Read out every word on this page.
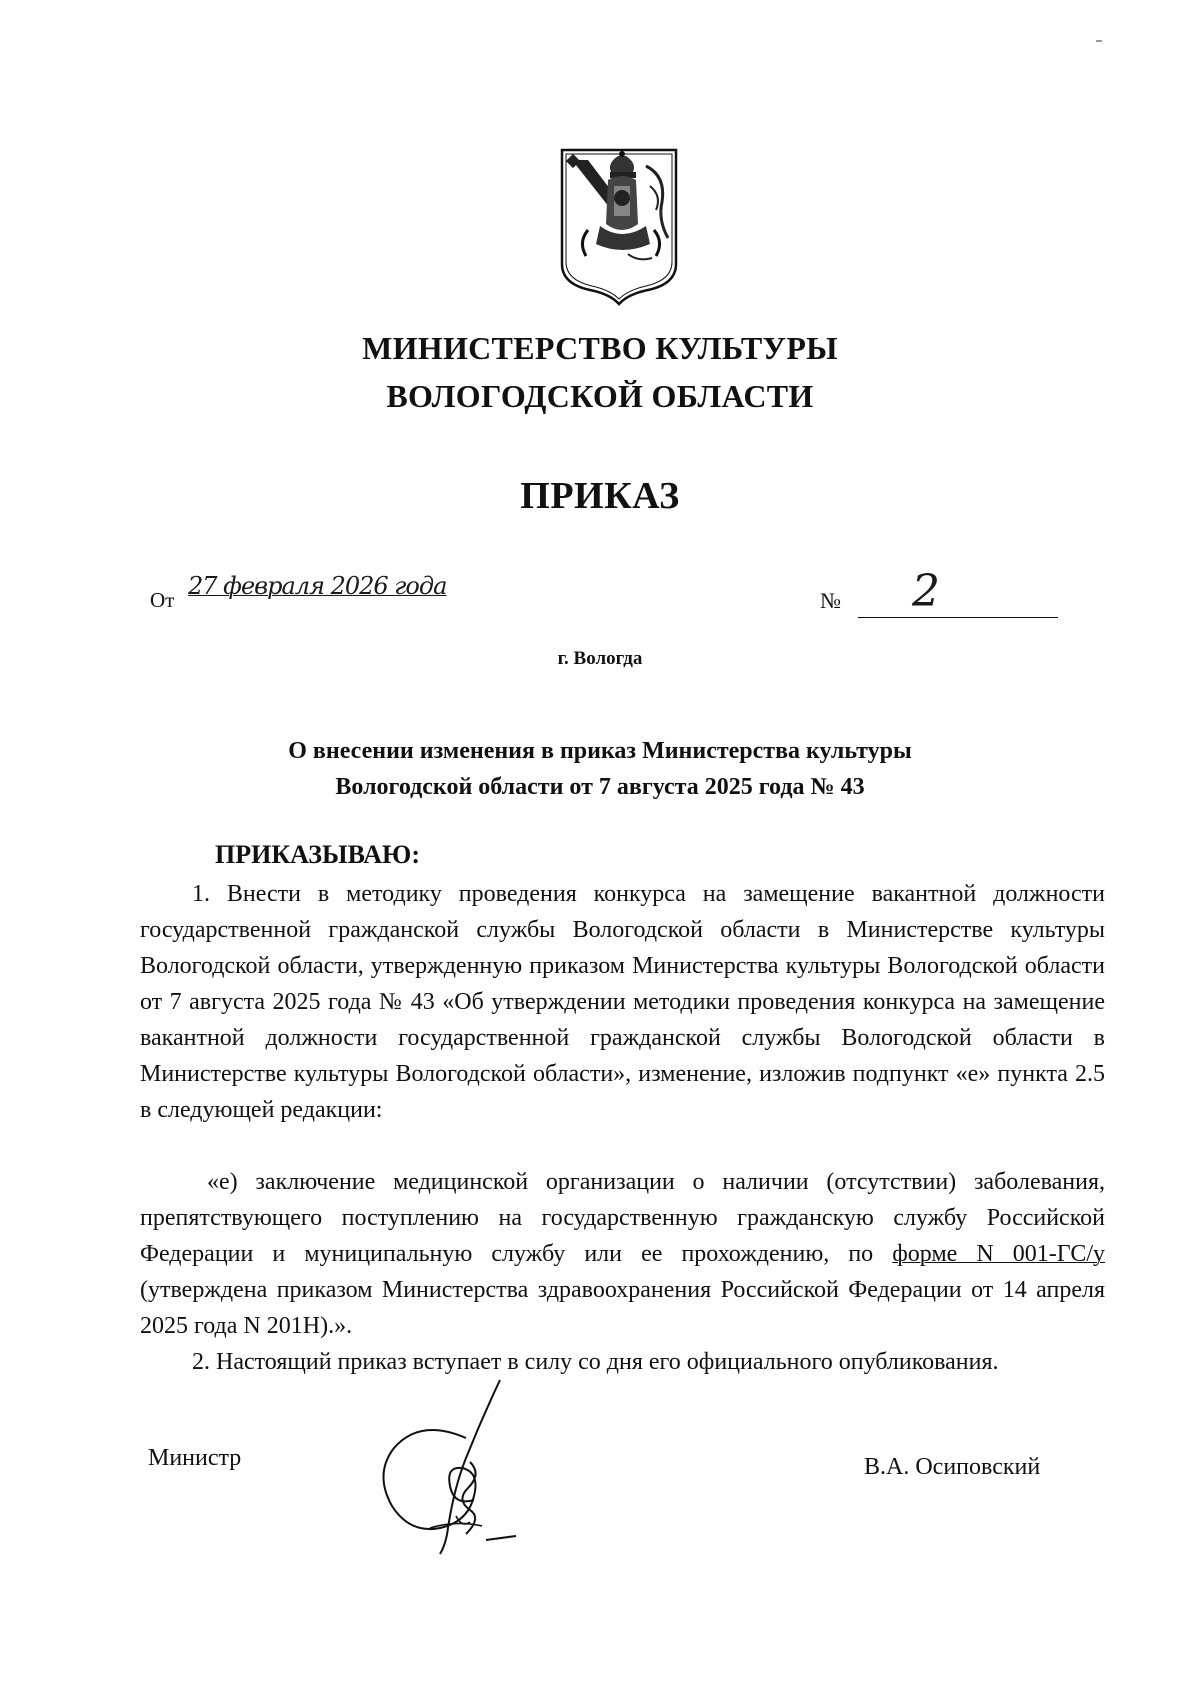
МИНИСТЕРСТВО КУЛЬТУРЫ
ВОЛОГОДСКОЙ ОБЛАСТИ
ПРИКАЗ
От 27 февраля 2026 года
№ 2
г. Вологда
О внесении изменения в приказ Министерства культуры
Вологодской области от 7 августа 2025 года № 43
ПРИКАЗЫВАЮ:

1. Внести в методику проведения конкурса на замещение вакантной должности государственной гражданской службы Вологодской области в Министерстве культуры Вологодской области, утвержденную приказом Министерства культуры Вологодской области от 7 августа 2025 года № 43 «Об утверждении методики проведения конкурса на замещение вакантной должности государственной гражданской службы Вологодской области в Министерстве культуры Вологодской области», изменение, изложив подпункт «е» пункта 2.5 в следующей редакции:

«е) заключение медицинской организации о наличии (отсутствии) заболевания, препятствующего поступлению на государственную гражданскую службу Российской Федерации и муниципальную службу или ее прохождению, по форме N 001-ГС/у (утверждена приказом Министерства здравоохранения Российской Федерации от 14 апреля 2025 года N 201Н).».

2. Настоящий приказ вступает в силу со дня его официального опубликования.

Министр	В.А. Осиповский
